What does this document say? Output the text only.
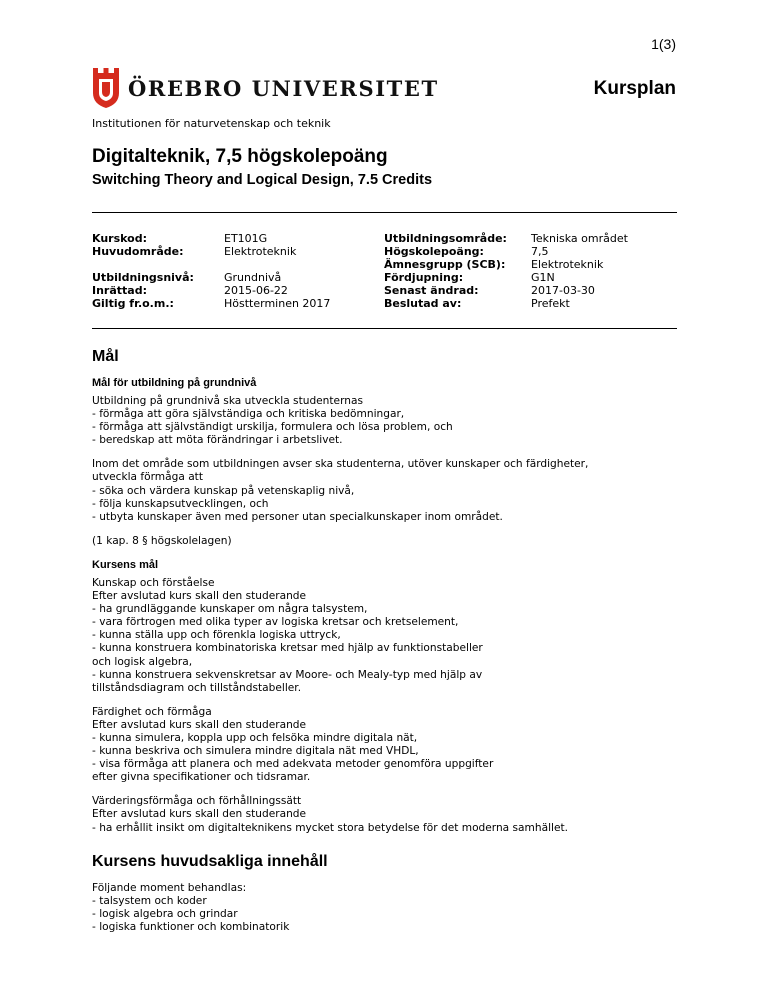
1(3)
ÖREBRO UNIVERSITET	Kursplan
Institutionen för naturvetenskap och teknik
Digitalteknik, 7,5 högskolepoäng
Switching Theory and Logical Design, 7.5 Credits
Kurskod:
Huvudområde:
Utbildningsnivå:
Inrättad:
Giltig fr.o.m.:
ET101G
Elektroteknik
Grundnivå
2015-06-22
Höstterminen 2017
Utbildningsområde:
Högskolepoäng:
Ämnesgrupp (SCB):
Fördjupning:
Senast ändrad:
Beslutad av:
Tekniska området
7,5
Elektroteknik
G1N
2017-03-30
Prefekt
Mål
Mål för utbildning på grundnivå

Utbildning på grundnivå ska utveckla studenternas
- förmåga att göra självständiga och kritiska bedömningar,
- förmåga att självständigt urskilja, formulera och lösa problem, och
- beredskap att möta förändringar i arbetslivet.

Inom det område som utbildningen avser ska studenterna, utöver kunskaper och färdigheter,
utveckla förmåga att
- söka och värdera kunskap på vetenskaplig nivå,
- följa kunskapsutvecklingen, och
- utbyta kunskaper även med personer utan specialkunskaper inom området.

(1 kap. 8 § högskolelagen)

Kursens mål

Kunskap och förståelse
Efter avslutad kurs skall den studerande
- ha grundläggande kunskaper om några talsystem,
- vara förtrogen med olika typer av logiska kretsar och kretselement,
- kunna ställa upp och förenkla logiska uttryck,
- kunna konstruera kombinatoriska kretsar med hjälp av funktionstabeller
och logisk algebra,
- kunna konstruera sekvenskretsar av Moore- och Mealy-typ med hjälp av
tillståndsdiagram och tillståndstabeller.

Färdighet och förmåga
Efter avslutad kurs skall den studerande
- kunna simulera, koppla upp och felsöka mindre digitala nät,
- kunna beskriva och simulera mindre digitala nät med VHDL,
- visa förmåga att planera och med adekvata metoder genomföra uppgifter
efter givna specifikationer och tidsramar.

Värderingsförmåga och förhållningssätt
Efter avslutad kurs skall den studerande
- ha erhållit insikt om digitalteknikens mycket stora betydelse för det moderna samhället.

Kursens huvudsakliga innehåll

Följande moment behandlas:
- talsystem och koder
- logisk algebra och grindar
- logiska funktioner och kombinatorik
